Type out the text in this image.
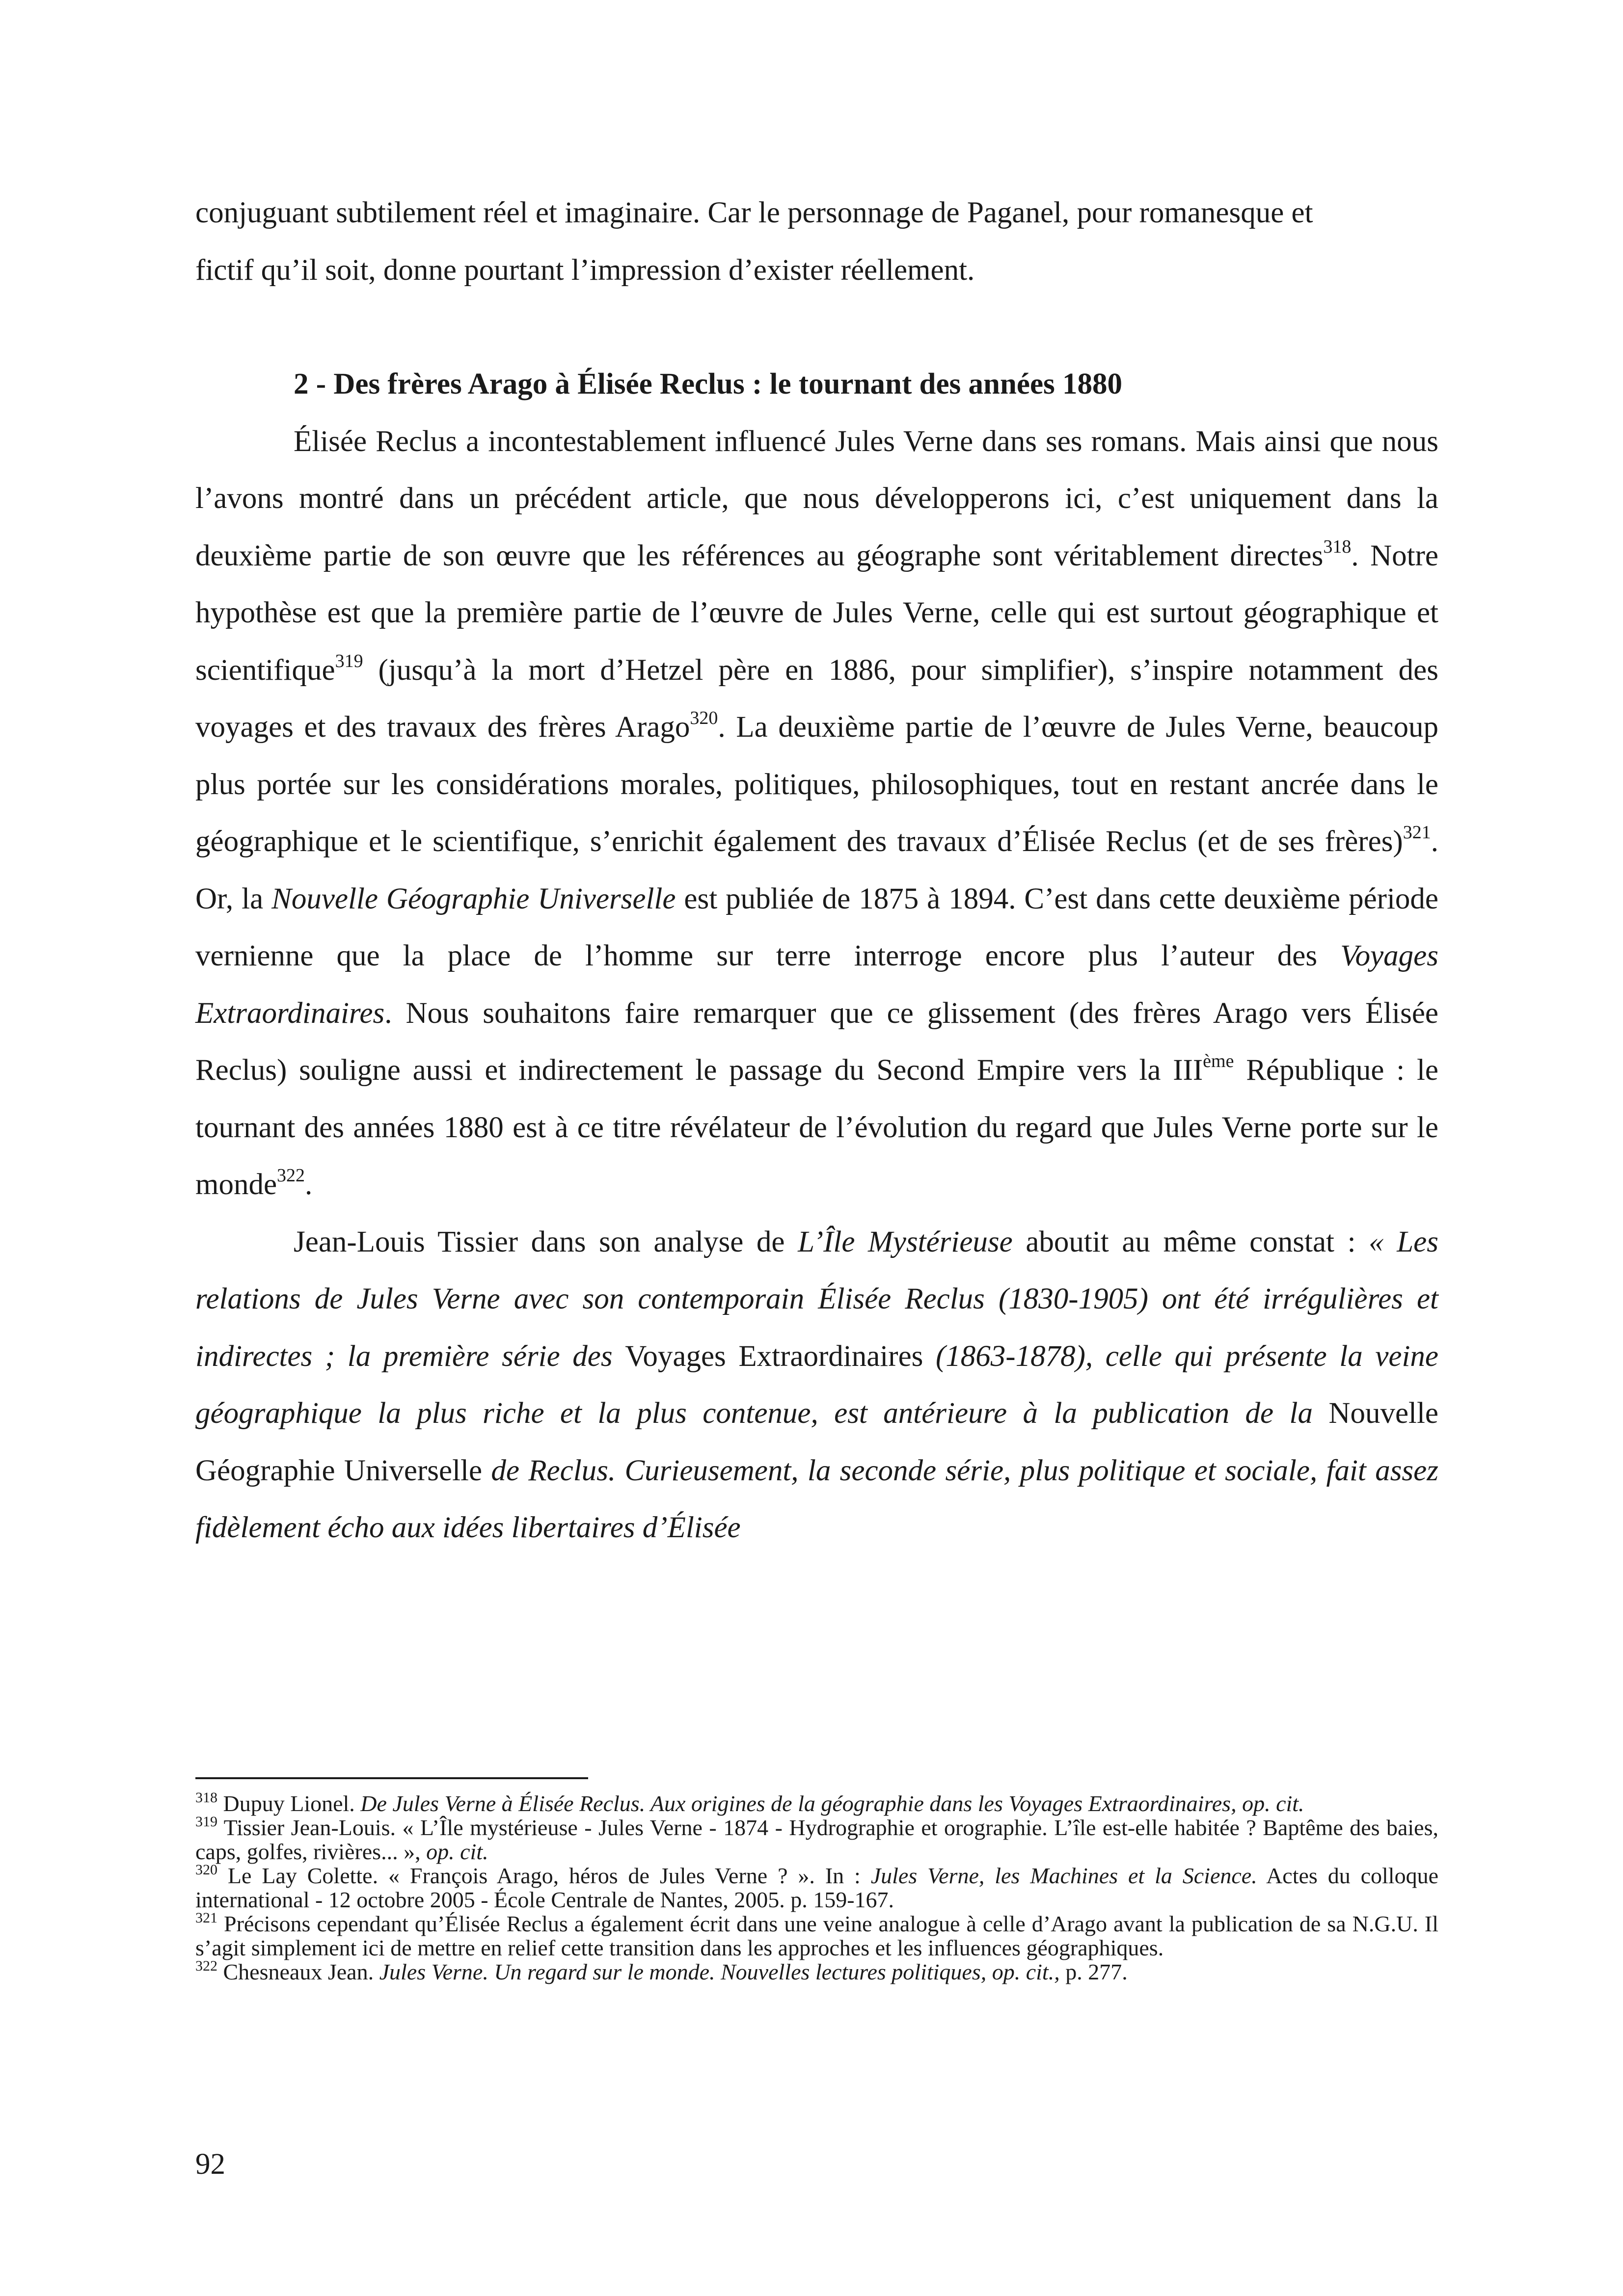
conjuguant subtilement réel et imaginaire. Car le personnage de Paganel, pour romanesque et
fictif qu’il soit, donne pourtant l’impression d’exister réellement.

2 - Des frères Arago à Élisée Reclus : le tournant des années 1880

Élisée Reclus a incontestablement influencé Jules Verne dans ses romans. Mais ainsi que nous l’avons montré dans un précédent article, que nous développerons ici, c’est uniquement dans la deuxième partie de son œuvre que les références au géographe sont véritablement directes$^{318}$. Notre hypothèse est que la première partie de l’œuvre de Jules Verne, celle qui est surtout géographique et scientifique$^{319}$ (jusqu’à la mort d’Hetzel père en 1886, pour simplifier), s’inspire notamment des voyages et des travaux des frères Arago$^{320}$. La deuxième partie de l’œuvre de Jules Verne, beaucoup plus portée sur les considérations morales, politiques, philosophiques, tout en restant ancrée dans le géographique et le scientifique, s’enrichit également des travaux d’Élisée Reclus (et de ses frères)$^{321}$. Or, la Nouvelle Géographie Universelle est publiée de 1875 à 1894. C’est dans cette deuxième période vernienne que la place de l’homme sur terre interroge encore plus l’auteur des Voyages Extraordinaires. Nous souhaitons faire remarquer que ce glissement (des frères Arago vers Élisée Reclus) souligne aussi et indirectement le passage du Second Empire vers la IIIème République : le tournant des années 1880 est à ce titre révélateur de l’évolution du regard que Jules Verne porte sur le monde$^{322}$.

Jean-Louis Tissier dans son analyse de L’Île Mystérieuse aboutit au même constat : « Les relations de Jules Verne avec son contemporain Élisée Reclus (1830-1905) ont été irrégulières et indirectes ; la première série des Voyages Extraordinaires (1863-1878), celle qui présente la veine géographique la plus riche et la plus contenue, est antérieure à la publication de la Nouvelle Géographie Universelle de Reclus. Curieusement, la seconde série, plus politique et sociale, fait assez fidèlement écho aux idées libertaires d’Élisée

$^{318}$ Dupuy Lionel. De Jules Verne à Élisée Reclus. Aux origines de la géographie dans les Voyages Extraordinaires, op. cit.

$^{319}$ Tissier Jean-Louis. « L’Île mystérieuse - Jules Verne - 1874 - Hydrographie et orographie. L’île est-elle habitée ? Baptême des baies, caps, golfes, rivières... », op. cit.

$^{320}$ Le Lay Colette. « François Arago, héros de Jules Verne ? ». In : Jules Verne, les Machines et la Science. Actes du colloque international - 12 octobre 2005 - École Centrale de Nantes, 2005. p. 159-167.

$^{321}$ Précisons cependant qu’Élisée Reclus a également écrit dans une veine analogue à celle d’Arago avant la publication de sa N.G.U. Il s’agit simplement ici de mettre en relief cette transition dans les approches et les influences géographiques.

$^{322}$ Chesneaux Jean. Jules Verne. Un regard sur le monde. Nouvelles lectures politiques, op. cit., p. 277.

92
